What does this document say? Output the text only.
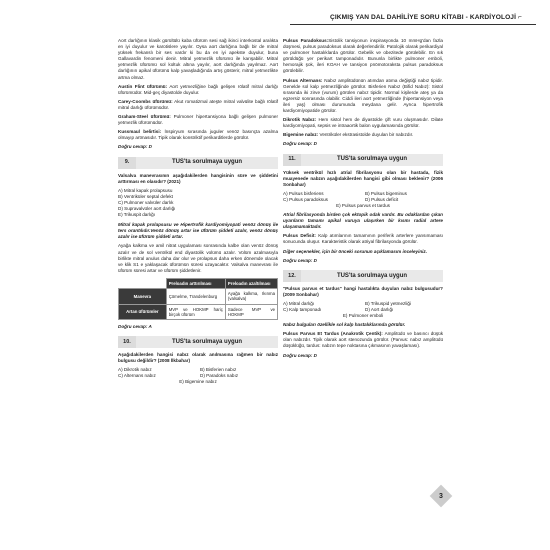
ÇIKMIŞ YAN DAL DAHİLİYE SORU KİTABI - KARDİYOLOJİ ⌐

Aort darlığının klasik gürültülü kaba üfürüm sesi sağ ikinci interkostal aralıkta en iyi duyulur ve karotislere yayılır. Oysa aort darlığına bağlı bir de mitral yüksek frekanslı bir ses vardır ki bu da en iyi apekste duyulur, buna Gallavardin fenomeni denir. Mitral yetmezlik üfürümü ile karışabilir. Mitral yetmezlik üfürümü sol koltuk altına yayılır, aort darlığında yayılmaz. Aort darlığının apikal üfürümü kalp yavaşladığında artış gösterir, mitral yetmezlikte artma olmaz.

Austin Flint üfürümü: Aort yetmezliğine bağlı gelişen rölatif mitral darlığı üfürümüdür. Mid-geç diyastolde duyulur.

Carey-Coombs üfürümü: Akut romatizmal ateşte mitral valvülite bağlı rölatif mitral darlığı üfürümüdür.

Graham-Steel üfürümü: Pulmoner hipertansiyona bağlı gelişen pulmoner yetmezlik üfürümüdür.

Kussmaul belirtisi: İnspiryum sırasında juguler venöz basınçta azalma olmayıp artmasıdır. Tipik olarak konstriktif perikarditlerde görülür.

Doğru cevap: D
9.	TUS'ta sorulmaya uygun

Valsalva manevrasının aşağıdakilerden hangisinin süre ve şiddetini arttırması en olasıdır? (2021)

A) Mitral kapak prolapsusu
B) Ventriküler septal defekt
C) Pulmoner valvüler darlık
D) Supravalvüler aort darlığı
E) Trikuspit darlığı

Mitral kapak prolapsusu ve Hipertrofik kardiyomiyopati venöz dönüş ile ters orantılıdır.Venöz dönüş artar ise üfürüm şiddeti azalır, venöz dönüş azalır ise üfürüm şiddeti artar.

Ayağa kalkma ve amil nitrat uygulaması sonrasında kalbe olan venöz dönüş azalır ve de sol ventrikül end diyastolik volümü azalır. Volüm azalmasıyla birlikte mitral anulus daha dar olur ve prolapsus daha erken dönemde olacak ve klik S1 e yaklaşacak üfürümün süresi uzayacaktır. Valsalva manevrası ile üfürüm süresi artar ve üfürüm şiddetlenir.

	Preloadın arttırılması	Preloadın azaltılması
Manevra	Çömelme, Trandelenburg	Ayağa kalkma, Ikınma (valsalva)
Artan üfürümler	MVP ve HOKMP hariç birçok üfürüm	Sadece MVP ve HOKMP
Doğru cevap: A
10.	TUS'ta sorulmaya uygun

Aşağıdakilerden hangisi nabız olarak anılmasına rağmen bir nabız bulgusu değildir? (2008 İlkbahar)

A) Dikrotik nabız	B) Bisferien nabız
C) Alternans nabız	D) Paradoks nabız
E) Bigemine nabız

Pulsus Paradoksus:Sistolik tansiyonun inspirasyonda 10 mmHg'dan fazla düşmesi, pulsus paradoksus olarak değerlendirilir. Patolojik olarak perikardiyal ve pulmoner hastalıklarda görülür. Gebelik ve obezitede görülebilir. En sık görüldüğü yer perikart tamponadıdır. Bununla birlikte pulmoner emboli, hemorajik şok, ileri KOAH ve tansiyon pnömotoraksta pulsus paradoksus görülebilir.

Pulsus Alternans: Nabız amplitüdünün atımdan atıma değiştiği nabız tipidir. Genelde sol kalp yetmezliğinde görülür. Bisferien Nabız (Bifid Nabız): Sistol sırasında iki zirve (vurum) görülen nabız tipidir. Normal kişilerde ateş ya da egzersiz sonrasında olabilir. Ciddi ileri aort yetmezliğinde (hipertansiyon veya ileri yaş) olması durumunda meydana gelir. Ayrıca hipertrofik kardiyomiyopatide görülür.

Dikrotik Nabız: Hem sistol hem de diyastolde çift vuru oluşmasıdır. Dilate kardiyomiyopati, sepsis ve intraaortik balon uygulamasında görülür.

Bigemine nabız: Ventriküler ekstrasistolde duyulan bir nabızdır.

Doğru cevap: D
11.	TUS'ta sorulmaya uygun

Yüksek ventrikül hızlı atrial fibrilasyonu olan bir hastada, fizik muayenede nabzın aşağıdakilerden hangisi gibi olması beklenir? (2006 Sonbahar)

A) Pulsus bisferiens	B) Pulsus bigeminus
C) Pulsus paradoksus	D) Pulsus deficit
E) Pulsus parvus et tardus

Atrial fibrilasyonda birden çok ektopik odak vardır. Bu odaklardan çıkan uyarıların tamamı apikal vuruya ulaşırken bir kısmı radial artere ulaşamamaktadır.

Pulsus Defisit: Kalp atımlarının tamamının periferik arterlere yansımaması sonucunda oluşur. Karakteristik olarak atriyal fibrilasyonda görülür.

Diğer seçenekler, için bir önceki sorunun açıklamasını inceleyiniz.

Doğru cevap: D
12.	TUS'ta sorulmaya uygun

"Pulsus parvus et tardus" hangi hastalıkta duyulan nabız bulgusudur? (2009 Sonbahar)

A) Mitral darlığı	B) Trikuspid yetmezliği
C) Kalp tamponadı	D) Aort darlığı
E) Pulmoner emboli

Nabız bulguları özellikle sol kalp hastalıklarında görülür.

Pulsus Parvus Et Tardus (Anakrotik Çentik): Amplitüdü ve basıncı düşük olan nabızdır. Tipik olarak aort stenozunda görülür. (Parvus: nabız amplitüdü düşüklüğü, tardus: nabzın tepe noktasına çıkmasının yavaşlaması).

Doğru cevap: D
3
